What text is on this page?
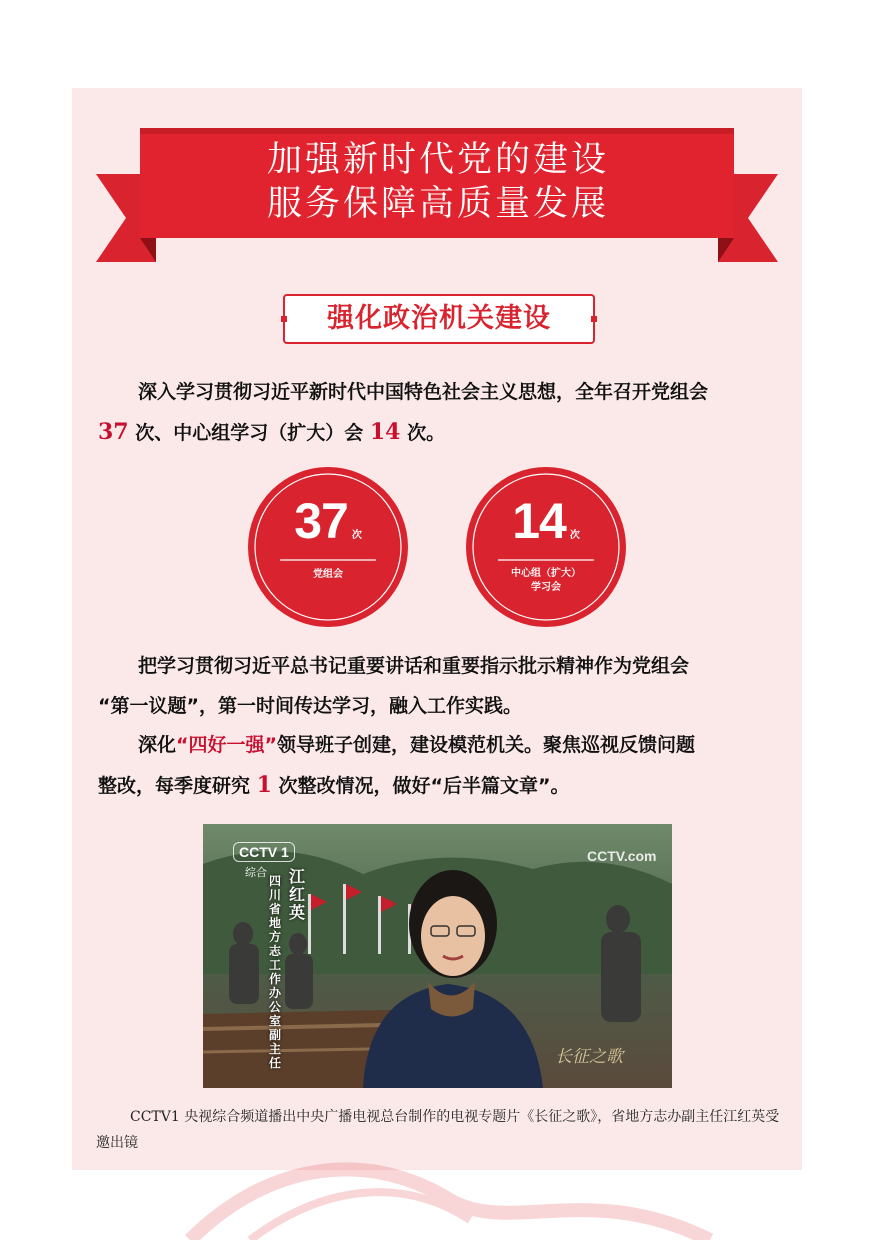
加强新时代党的建设
服务保障高质量发展
强化政治机关建设
深入学习贯彻习近平新时代中国特色社会主义思想，全年召开党组会
37 次、中心组学习（扩大）会 14 次。
37 次
党组会
14 次
中心组（扩大）
学习会
把学习贯彻习近平总书记重要讲话和重要指示批示精神作为党组会
“第一议题”，第一时间传达学习，融入工作实践。
深化“四好一强”领导班子创建，建设模范机关。聚焦巡视反馈问题
整改，每季度研究 1 次整改情况，做好“后半篇文章”。
CCTV 1
综合
CCTV.com
江红英
四川省地方志工作办公室副主任	长征之歌
CCTV1 央视综合频道播出中央广播电视总台制作的电视专题片《长征之歌》，省地方志办副主任江红英受邀出镜
